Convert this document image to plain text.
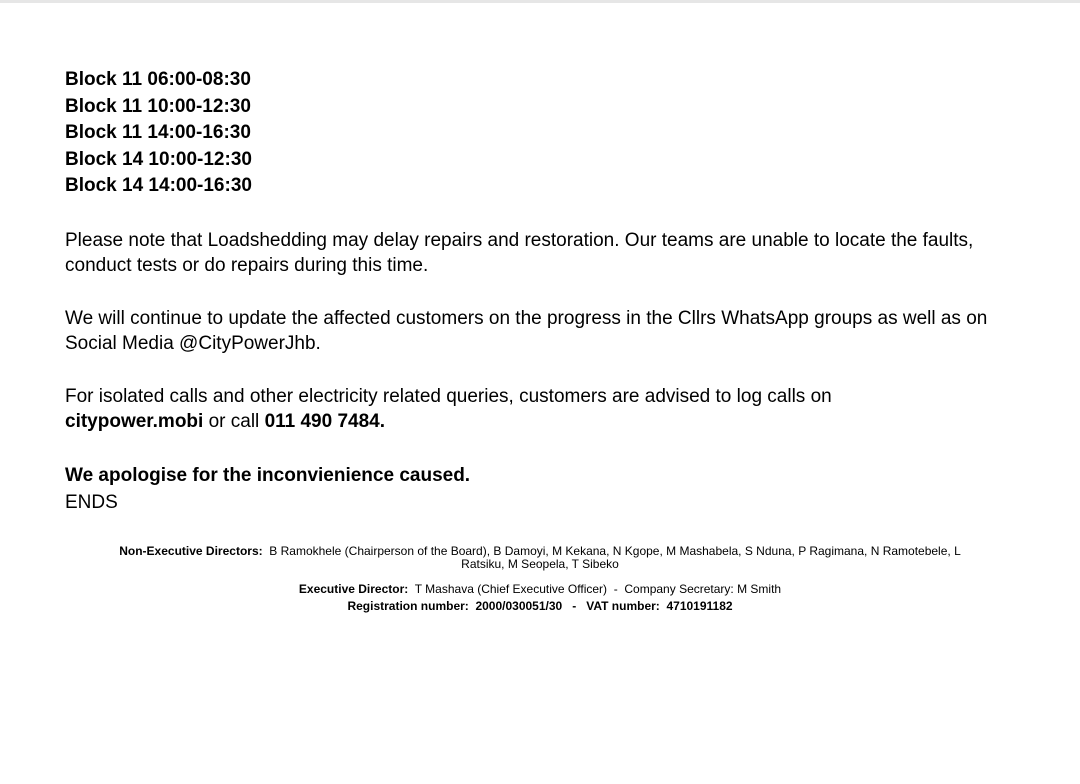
Block 11 06:00-08:30
Block 11 10:00-12:30
Block 11 14:00-16:30
Block 14 10:00-12:30
Block 14 14:00-16:30

Please note that Loadshedding may delay repairs and restoration. Our teams are unable to locate the faults, conduct tests or do repairs during this time.

We will continue to update the affected customers on the progress in the Cllrs WhatsApp groups as well as on Social Media @CityPowerJhb.

For isolated calls and other electricity related queries, customers are advised to log calls on
citypower.mobi or call 011 490 7484.

We apologise for the inconvienience caused.

ENDS

Non-Executive Directors: B Ramokhele (Chairperson of the Board), B Damoyi, M Kekana, N Kgope, M Mashabela, S Nduna, P Ragimana, N Ramotebele, L Ratsiku, M Seopela, T Sibeko
Executive Director: T Mashava (Chief Executive Officer) - Company Secretary: M Smith
Registration number: 2000/030051/30 - VAT number: 4710191182
